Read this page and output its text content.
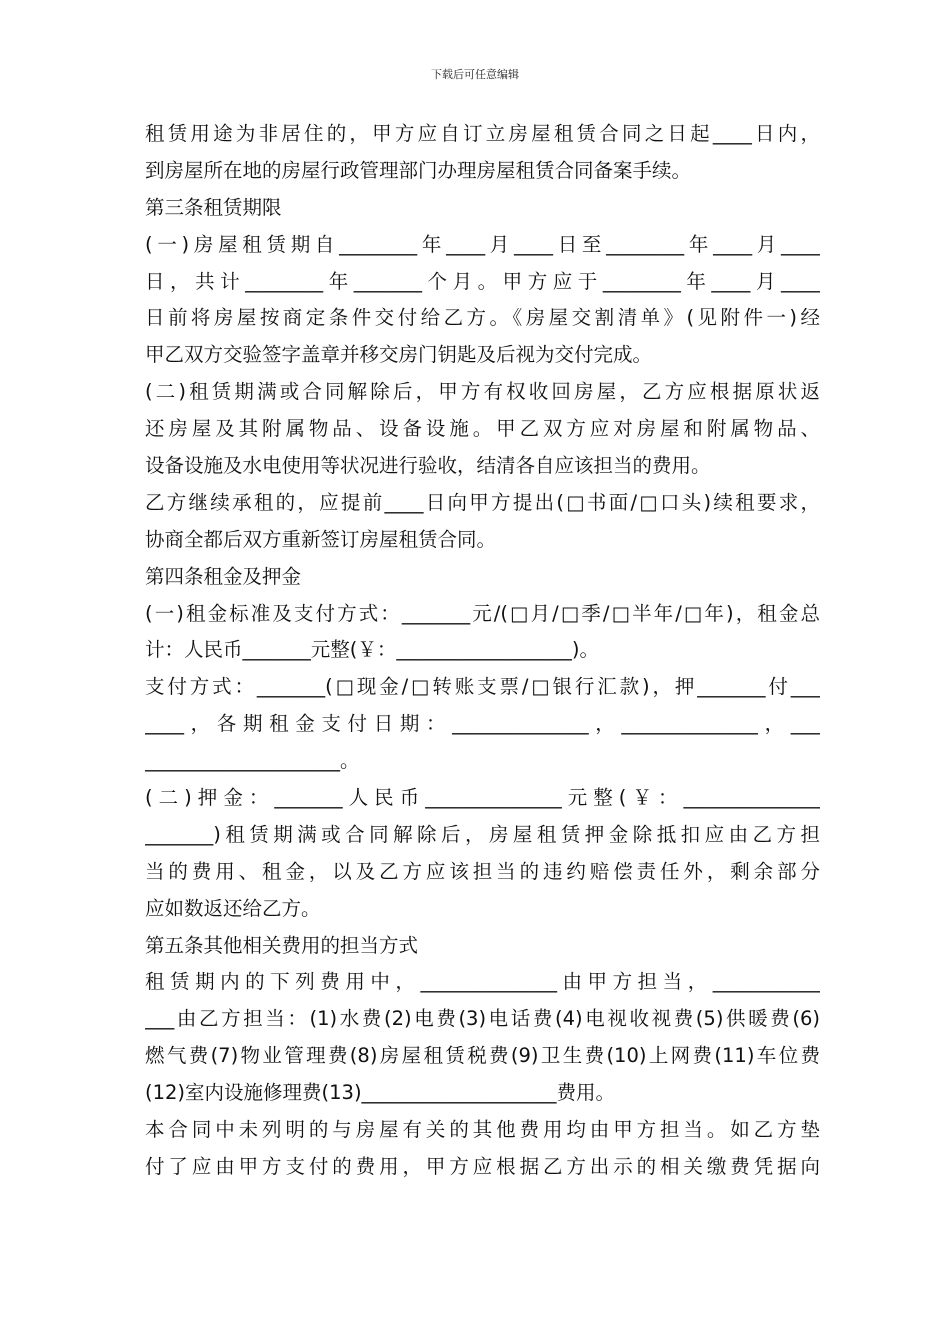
下载后可任意编辑
租赁用途为非居住的，甲方应自订立房屋租赁合同之日起____日内，
到房屋所在地的房屋行政管理部门办理房屋租赁合同备案手续。
第三条租赁期限
(一)房屋租赁期自________年____月____日至________年____月____
日，共计________年_______个月。甲方应于________年____月____
日前将房屋按商定条件交付给乙方。《房屋交割清单》(见附件一)经
甲乙双方交验签字盖章并移交房门钥匙及后视为交付完成。
(二)租赁期满或合同解除后，甲方有权收回房屋，乙方应根据原状返
还房屋及其附属物品、设备设施。甲乙双方应对房屋和附属物品、
设备设施及水电使用等状况进行验收，结清各自应该担当的费用。
乙方继续承租的，应提前____日向甲方提出(□书面/□口头)续租要求，
协商全都后双方重新签订房屋租赁合同。
第四条租金及押金
(一)租金标准及支付方式：_______元/(□月/□季/□半年/□年)，租金总
计：人民币_______元整(￥：__________________)。
支付方式：_______(□现金/□转账支票/□银行汇款)，押_______付___
____，各期租金支付日期：______________，______________，___
____________________。
(二)押金：_______人民币______________元整(￥：______________
_______)租赁期满或合同解除后，房屋租赁押金除抵扣应由乙方担
当的费用、租金，以及乙方应该担当的违约赔偿责任外，剩余部分
应如数返还给乙方。
第五条其他相关费用的担当方式
租赁期内的下列费用中，______________由甲方担当，___________
___由乙方担当：(1)水费(2)电费(3)电话费(4)电视收视费(5)供暖费(6)
燃气费(7)物业管理费(8)房屋租赁税费(9)卫生费(10)上网费(11)车位费
(12)室内设施修理费(13)____________________费用。
本合同中未列明的与房屋有关的其他费用均由甲方担当。如乙方垫
付了应由甲方支付的费用，甲方应根据乙方出示的相关缴费凭据向
